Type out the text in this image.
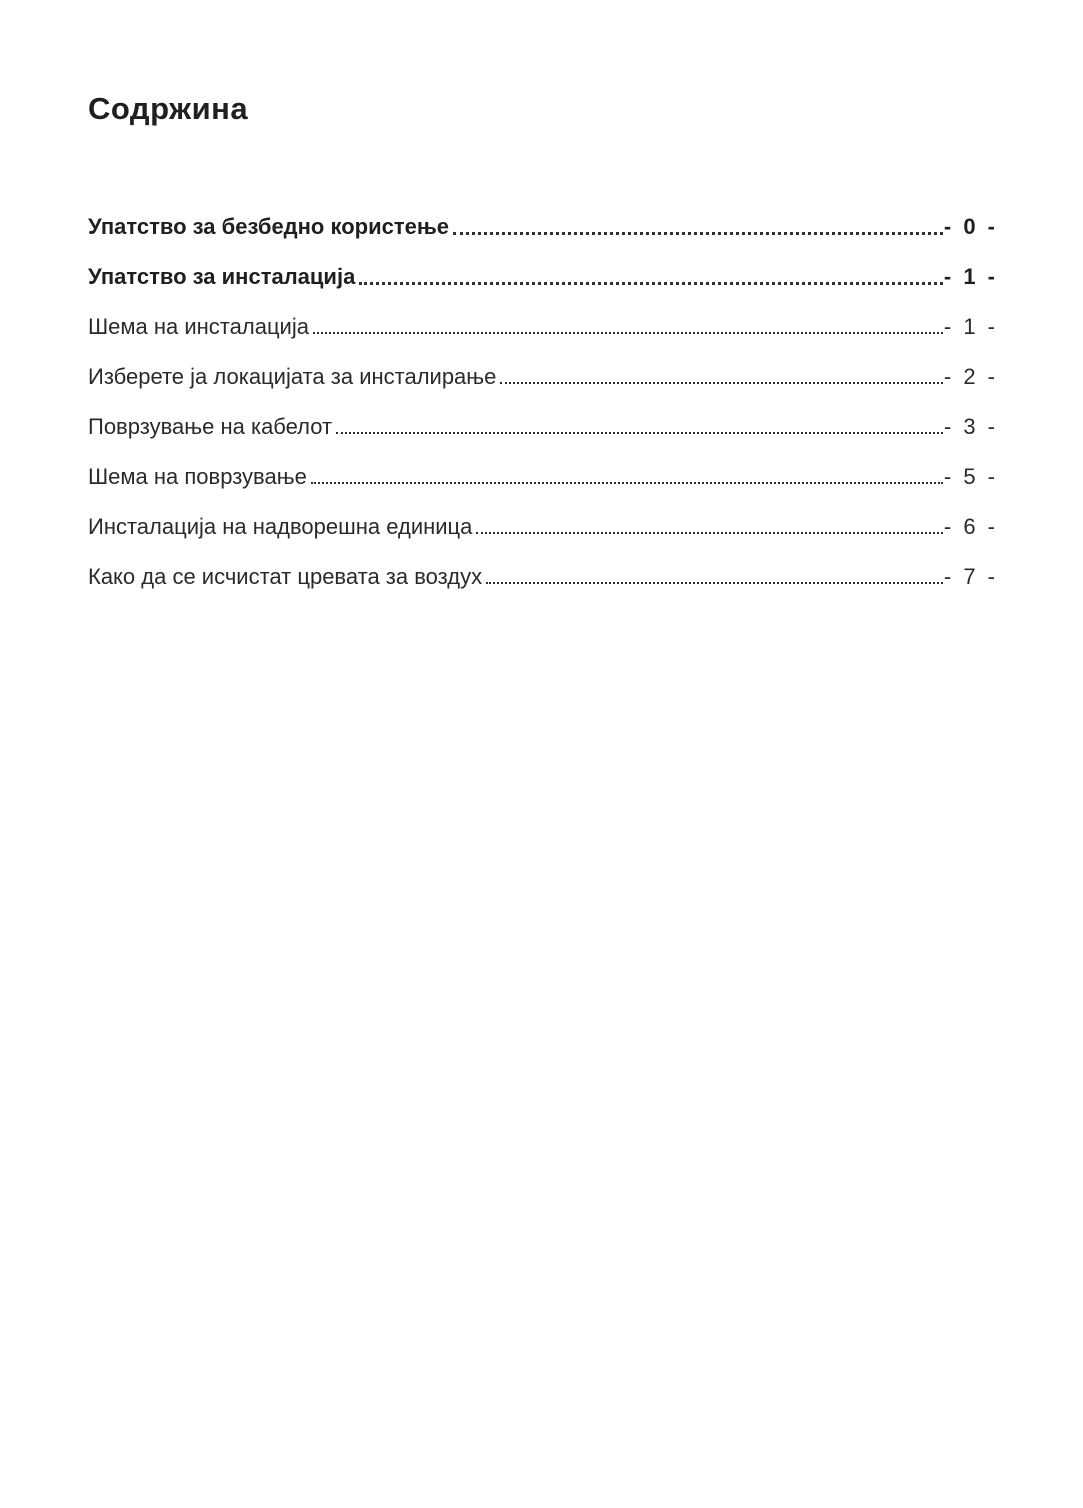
Содржина
Упатство за безбедно користење	- 0 -
Упатство за инсталација	- 1 -
Шема на инсталација	- 1 -
Изберете ја локацијата за инсталирање	- 2 -
Поврзување на кабелот	- 3 -
Шема на поврзување	- 5 -
Инсталација на надворешна единица	- 6 -
Како да се исчистат цревата за воздух	- 7 -
